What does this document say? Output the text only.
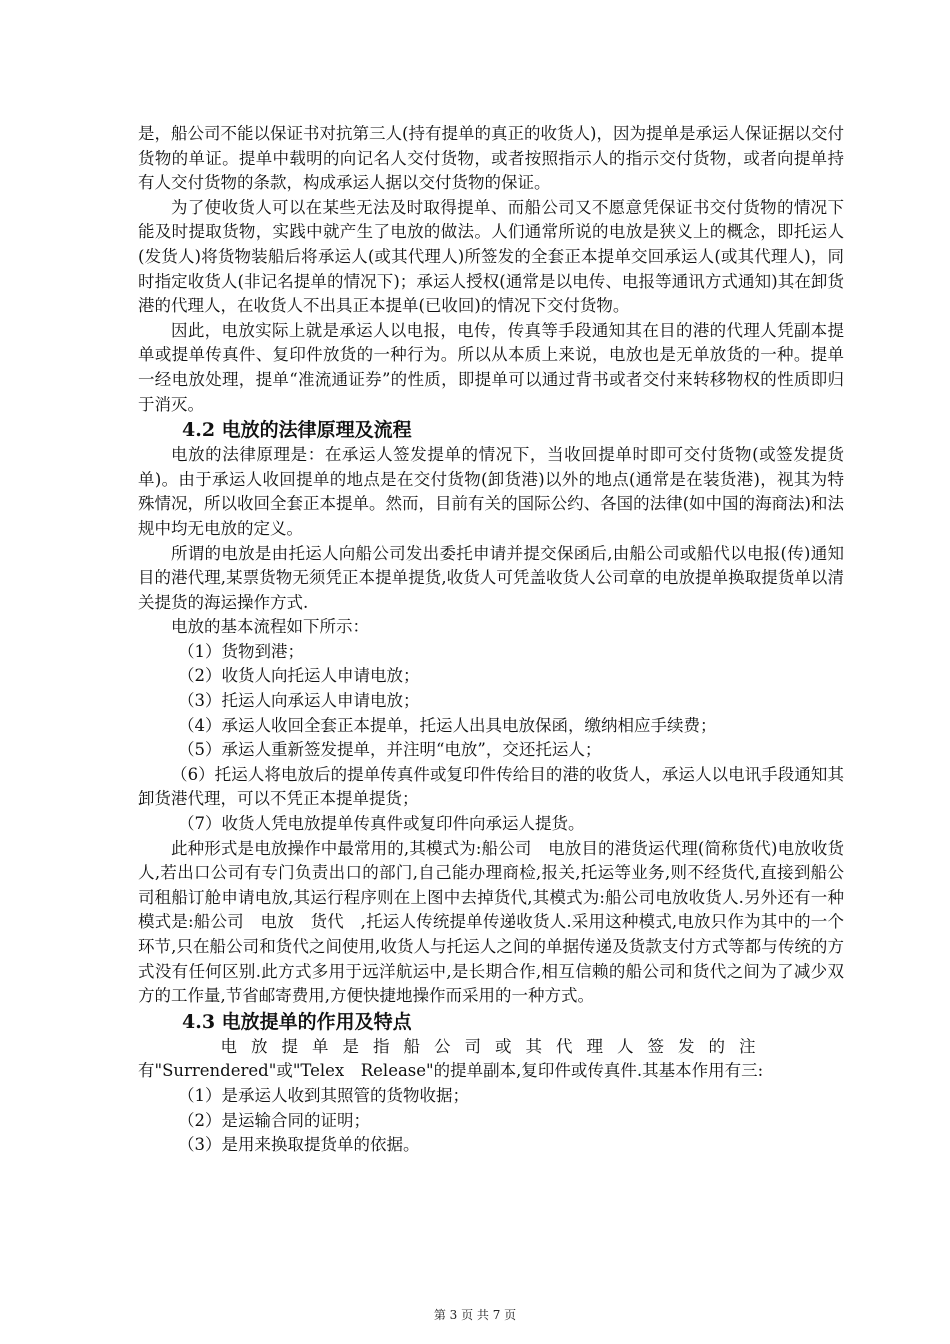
是，船公司不能以保证书对抗第三人(持有提单的真正的收货人)，因为提单是承运人保证据以交付货物的单证。提单中载明的向记名人交付货物，或者按照指示人的指示交付货物，或者向提单持有人交付货物的条款，构成承运人据以交付货物的保证。

为了使收货人可以在某些无法及时取得提单、而船公司又不愿意凭保证书交付货物的情况下能及时提取货物，实践中就产生了电放的做法。人们通常所说的电放是狭义上的概念，即托运人(发货人)将货物装船后将承运人(或其代理人)所签发的全套正本提单交回承运人(或其代理人)，同时指定收货人(非记名提单的情况下)；承运人授权(通常是以电传、电报等通讯方式通知)其在卸货港的代理人，在收货人不出具正本提单(已收回)的情况下交付货物。

因此，电放实际上就是承运人以电报，电传，传真等手段通知其在目的港的代理人凭副本提单或提单传真件、复印件放货的一种行为。所以从本质上来说，电放也是无单放货的一种。提单一经电放处理，提单“准流通证券”的性质，即提单可以通过背书或者交付来转移物权的性质即归于消灭。

4.2 电放的法律原理及流程

电放的法律原理是：在承运人签发提单的情况下，当收回提单时即可交付货物(或签发提货单)。由于承运人收回提单的地点是在交付货物(卸货港)以外的地点(通常是在装货港)，视其为特殊情况，所以收回全套正本提单。然而，目前有关的国际公约、各国的法律(如中国的海商法)和法规中均无电放的定义。

所谓的电放是由托运人向船公司发出委托申请并提交保函后,由船公司或船代以电报(传)通知目的港代理,某票货物无须凭正本提单提货,收货人可凭盖收货人公司章的电放提单换取提货单以清关提货的海运操作方式.

电放的基本流程如下所示：

（1）货物到港；

（2）收货人向托运人申请电放；

（3）托运人向承运人申请电放；

（4）承运人收回全套正本提单，托运人出具电放保函，缴纳相应手续费；

（5）承运人重新签发提单，并注明“电放”，交还托运人；

（6）托运人将电放后的提单传真件或复印件传给目的港的收货人，承运人以电讯手段通知其卸货港代理，可以不凭正本提单提货；

（7）收货人凭电放提单传真件或复印件向承运人提货。

此种形式是电放操作中最常用的,其模式为:船公司　电放目的港货运代理(简称货代)电放收货人,若出口公司有专门负责出口的部门,自己能办理商检,报关,托运等业务,则不经货代,直接到船公司租船订舱申请电放,其运行程序则在上图中去掉货代,其模式为:船公司电放收货人.另外还有一种模式是:船公司　电放　货代　,托运人传统提单传递收货人.采用这种模式,电放只作为其中的一个环节,只在船公司和货代之间使用,收货人与托运人之间的单据传递及货款支付方式等都与传统的方式没有任何区别.此方式多用于远洋航运中,是长期合作,相互信赖的船公司和货代之间为了减少双方的工作量,节省邮寄费用,方便快捷地操作而采用的一种方式。

4.3 电放提单的作用及特点

电放提单是指船公司或其代理人签发的注

有"Surrendered"或"Telex　Release"的提单副本,复印件或传真件.其基本作用有三:

（1）是承运人收到其照管的货物收据；

（2）是运输合同的证明；

（3）是用来换取提货单的依据。

第 3 页 共 7 页
